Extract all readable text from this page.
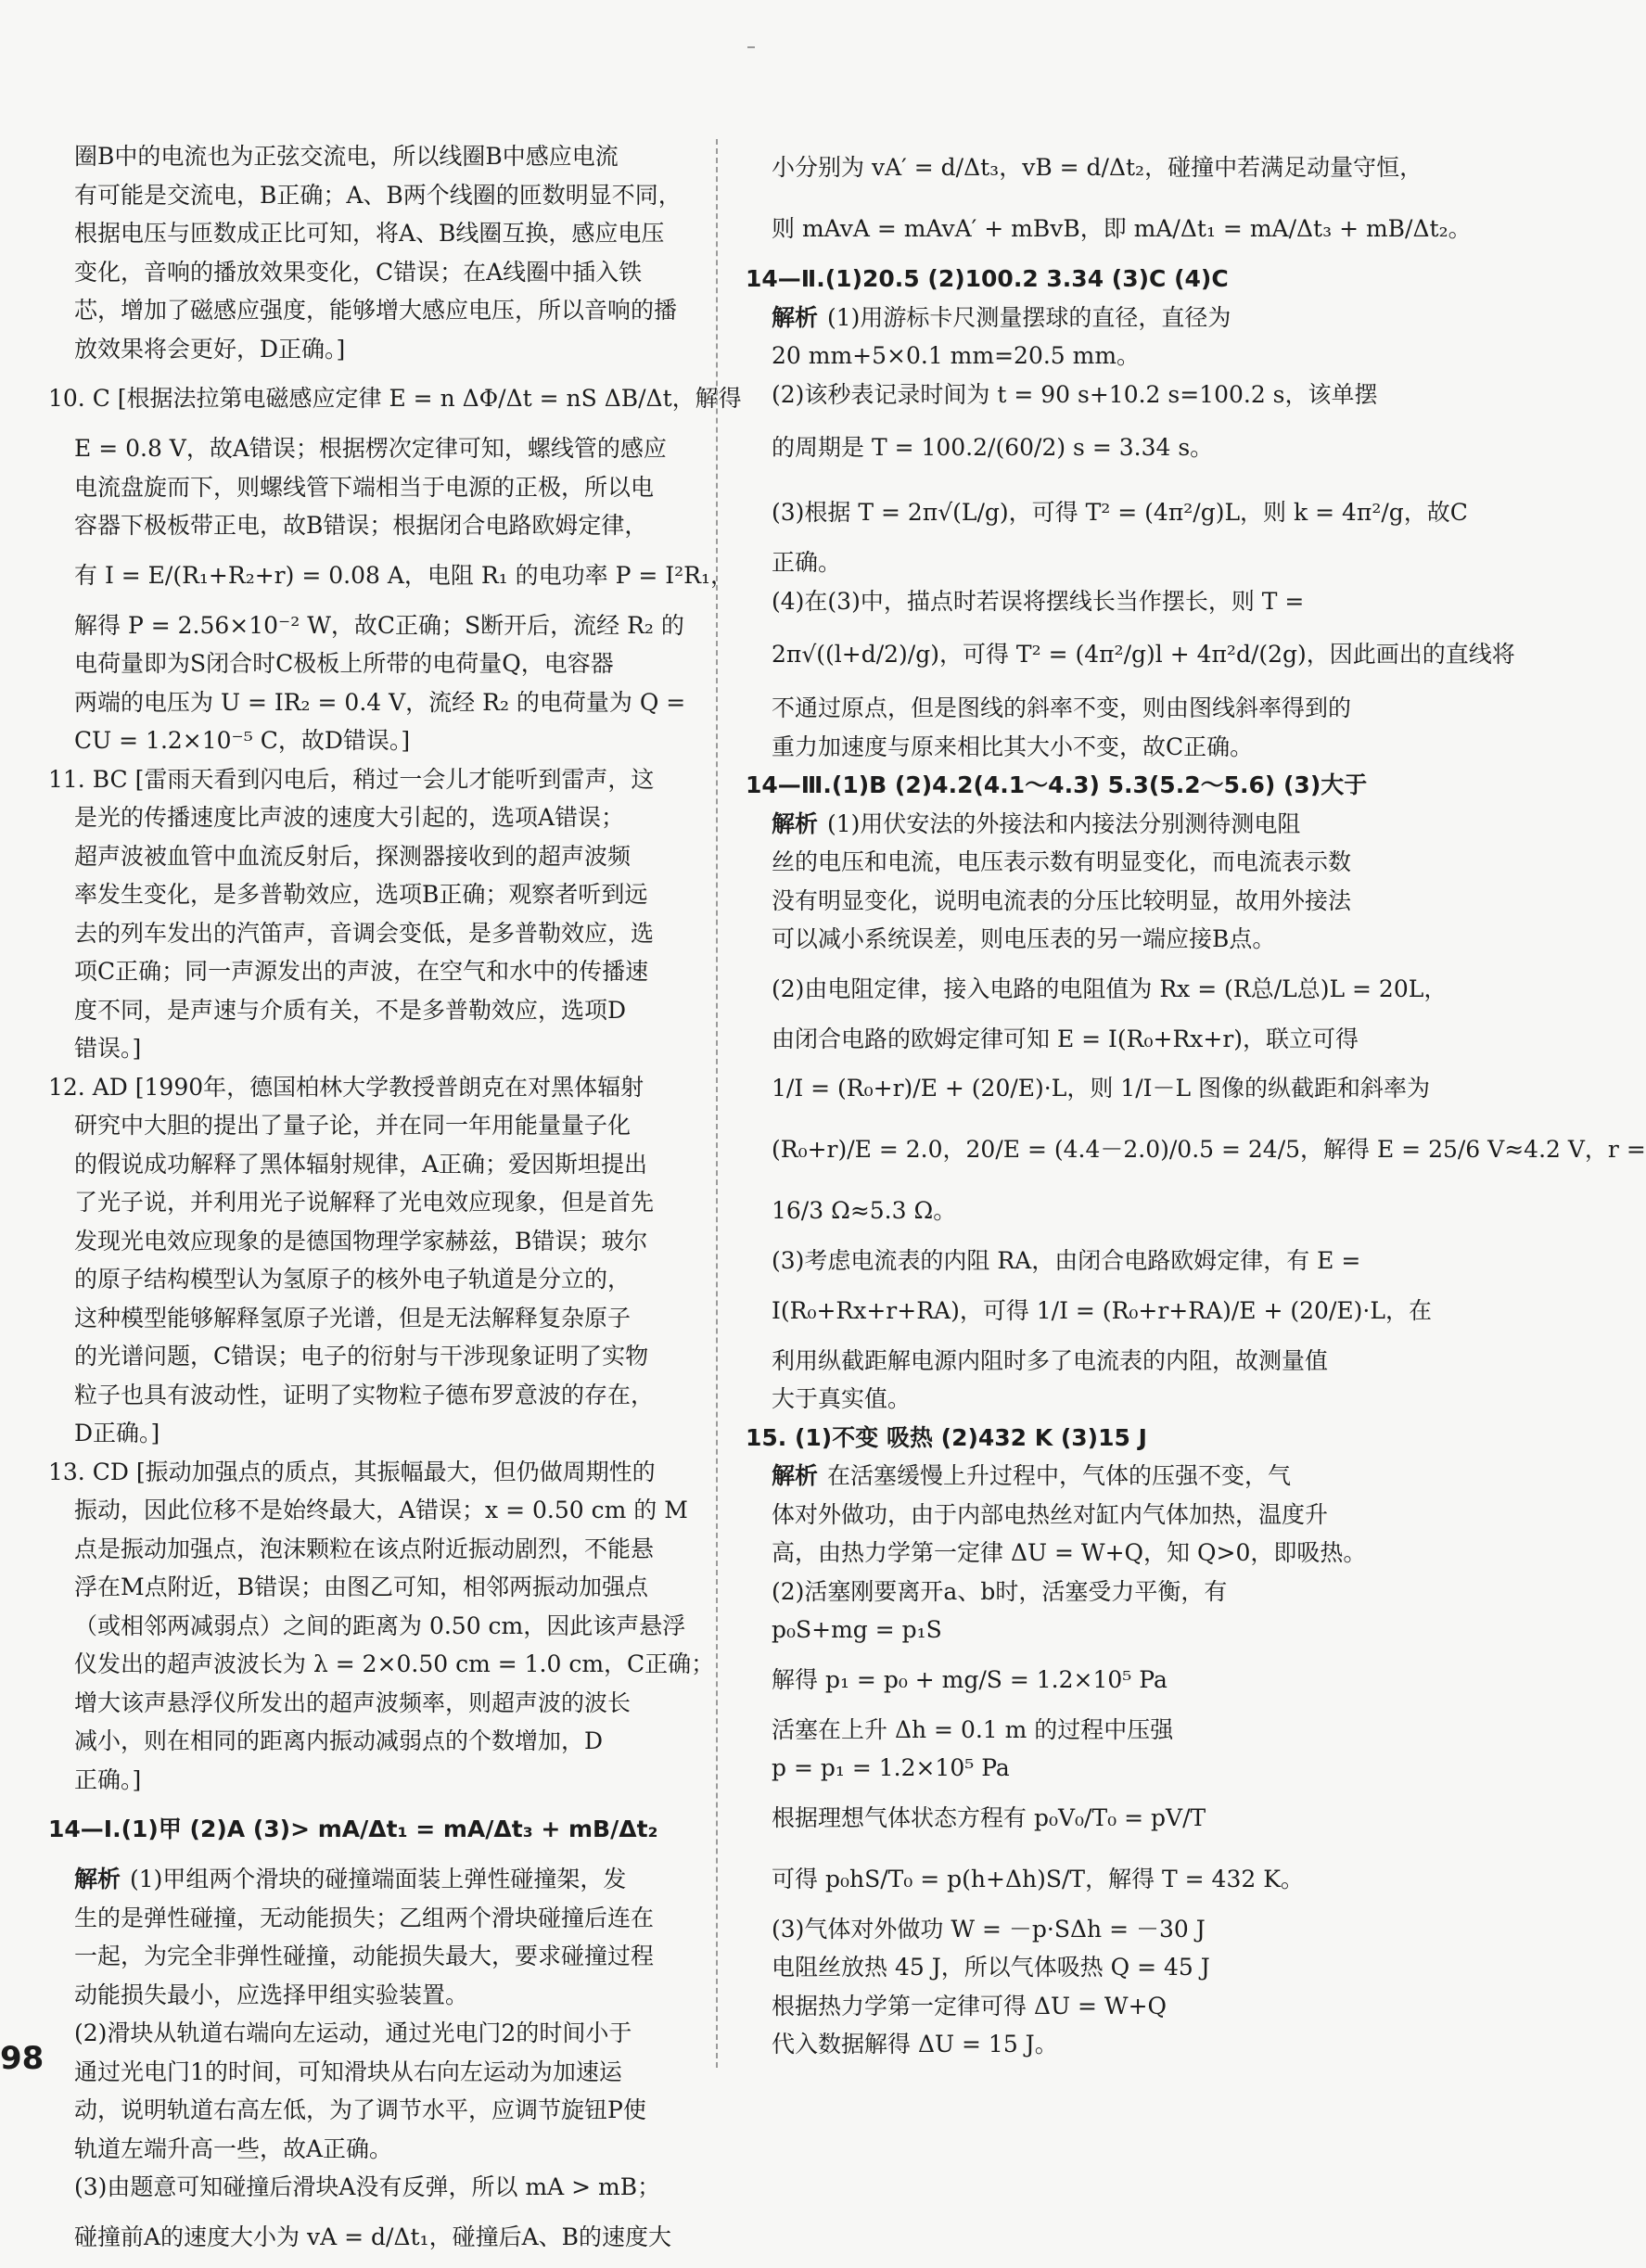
圈B中的电流也为正弦交流电，所以线圈B中感应电流
有可能是交流电，B正确；A、B两个线圈的匝数明显不同，
根据电压与匝数成正比可知，将A、B线圈互换，感应电压
变化，音响的播放效果变化，C错误；在A线圈中插入铁
芯，增加了磁感应强度，能够增大感应电压，所以音响的播
放效果将会更好，D正确。]
10. C [根据法拉第电磁感应定律 E = n ΔΦ/Δt = nS ΔB/Δt，解得
E = 0.8 V，故A错误；根据楞次定律可知，螺线管的感应
电流盘旋而下，则螺线管下端相当于电源的正极，所以电
容器下极板带正电，故B错误；根据闭合电路欧姆定律，
有 I = E/(R₁+R₂+r) = 0.08 A，电阻 R₁ 的电功率 P = I²R₁，
解得 P = 2.56×10⁻² W，故C正确；S断开后，流经 R₂ 的
电荷量即为S闭合时C极板上所带的电荷量Q，电容器
两端的电压为 U = IR₂ = 0.4 V，流经 R₂ 的电荷量为 Q =
CU = 1.2×10⁻⁵ C，故D错误。]
11. BC [雷雨天看到闪电后，稍过一会儿才能听到雷声，这
是光的传播速度比声波的速度大引起的，选项A错误；
超声波被血管中血流反射后，探测器接收到的超声波频
率发生变化，是多普勒效应，选项B正确；观察者听到远
去的列车发出的汽笛声，音调会变低，是多普勒效应，选
项C正确；同一声源发出的声波，在空气和水中的传播速
度不同，是声速与介质有关，不是多普勒效应，选项D
错误。]
12. AD [1990年，德国柏林大学教授普朗克在对黑体辐射
研究中大胆的提出了量子论，并在同一年用能量量子化
的假说成功解释了黑体辐射规律，A正确；爱因斯坦提出
了光子说，并利用光子说解释了光电效应现象，但是首先
发现光电效应现象的是德国物理学家赫兹，B错误；玻尔
的原子结构模型认为氢原子的核外电子轨道是分立的，
这种模型能够解释氢原子光谱，但是无法解释复杂原子
的光谱问题，C错误；电子的衍射与干涉现象证明了实物
粒子也具有波动性，证明了实物粒子德布罗意波的存在，
D正确。]
13. CD [振动加强点的质点，其振幅最大，但仍做周期性的
振动，因此位移不是始终最大，A错误；x = 0.50 cm 的 M
点是振动加强点，泡沫颗粒在该点附近振动剧烈，不能悬
浮在M点附近，B错误；由图乙可知，相邻两振动加强点
（或相邻两减弱点）之间的距离为 0.50 cm，因此该声悬浮
仪发出的超声波波长为 λ = 2×0.50 cm = 1.0 cm，C正确；
增大该声悬浮仪所发出的超声波频率，则超声波的波长
减小，则在相同的距离内振动减弱点的个数增加，D
正确。]
14—Ⅰ.(1)甲 (2)A (3)> mA/Δt₁ = mA/Δt₃ + mB/Δt₂
解析 (1)甲组两个滑块的碰撞端面装上弹性碰撞架，发
生的是弹性碰撞，无动能损失；乙组两个滑块碰撞后连在
一起，为完全非弹性碰撞，动能损失最大，要求碰撞过程
动能损失最小，应选择甲组实验装置。
(2)滑块从轨道右端向左运动，通过光电门2的时间小于
通过光电门1的时间，可知滑块从右向左运动为加速运
动，说明轨道右高左低，为了调节水平，应调节旋钮P使
轨道左端升高一些，故A正确。
(3)由题意可知碰撞后滑块A没有反弹，所以 mA > mB；
碰撞前A的速度大小为 vA = d/Δt₁，碰撞后A、B的速度大
小分别为 vA′ = d/Δt₃，vB = d/Δt₂，碰撞中若满足动量守恒，
则 mAvA = mAvA′ + mBvB，即 mA/Δt₁ = mA/Δt₃ + mB/Δt₂。
14—Ⅱ.(1)20.5 (2)100.2 3.34 (3)C (4)C
解析 (1)用游标卡尺测量摆球的直径，直径为
20 mm+5×0.1 mm=20.5 mm。
(2)该秒表记录时间为 t = 90 s+10.2 s=100.2 s，该单摆
的周期是 T = 100.2/(60/2) s = 3.34 s。
(3)根据 T = 2π√(L/g)，可得 T² = (4π²/g)L，则 k = 4π²/g，故C
正确。
(4)在(3)中，描点时若误将摆线长当作摆长，则 T =
2π√((l+d/2)/g)，可得 T² = (4π²/g)l + 4π²d/(2g)，因此画出的直线将
不通过原点，但是图线的斜率不变，则由图线斜率得到的
重力加速度与原来相比其大小不变，故C正确。
14—Ⅲ.(1)B (2)4.2(4.1～4.3) 5.3(5.2～5.6) (3)大于
解析 (1)用伏安法的外接法和内接法分别测待测电阻
丝的电压和电流，电压表示数有明显变化，而电流表示数
没有明显变化，说明电流表的分压比较明显，故用外接法
可以减小系统误差，则电压表的另一端应接B点。
(2)由电阻定律，接入电路的电阻值为 Rx = (R总/L总)L = 20L，
由闭合电路的欧姆定律可知 E = I(R₀+Rx+r)，联立可得
1/I = (R₀+r)/E + (20/E)·L，则 1/I－L 图像的纵截距和斜率为
(R₀+r)/E = 2.0，20/E = (4.4－2.0)/0.5 = 24/5，解得 E = 25/6 V≈4.2 V，r =
16/3 Ω≈5.3 Ω。
(3)考虑电流表的内阻 RA，由闭合电路欧姆定律，有 E =
I(R₀+Rx+r+RA)，可得 1/I = (R₀+r+RA)/E + (20/E)·L，在
利用纵截距解电源内阻时多了电流表的内阻，故测量值
大于真实值。
15. (1)不变 吸热 (2)432 K (3)15 J
解析 在活塞缓慢上升过程中，气体的压强不变，气
体对外做功，由于内部电热丝对缸内气体加热，温度升
高，由热力学第一定律 ΔU = W+Q，知 Q>0，即吸热。
(2)活塞刚要离开a、b时，活塞受力平衡，有
p₀S+mg = p₁S
解得 p₁ = p₀ + mg/S = 1.2×10⁵ Pa
活塞在上升 Δh = 0.1 m 的过程中压强
p = p₁ = 1.2×10⁵ Pa
根据理想气体状态方程有 p₀V₀/T₀ = pV/T
可得 p₀hS/T₀ = p(h+Δh)S/T，解得 T = 432 K。
(3)气体对外做功 W = －p·SΔh = －30 J
电阻丝放热 45 J，所以气体吸热 Q = 45 J
根据热力学第一定律可得 ΔU = W+Q
代入数据解得 ΔU = 15 J。
98
